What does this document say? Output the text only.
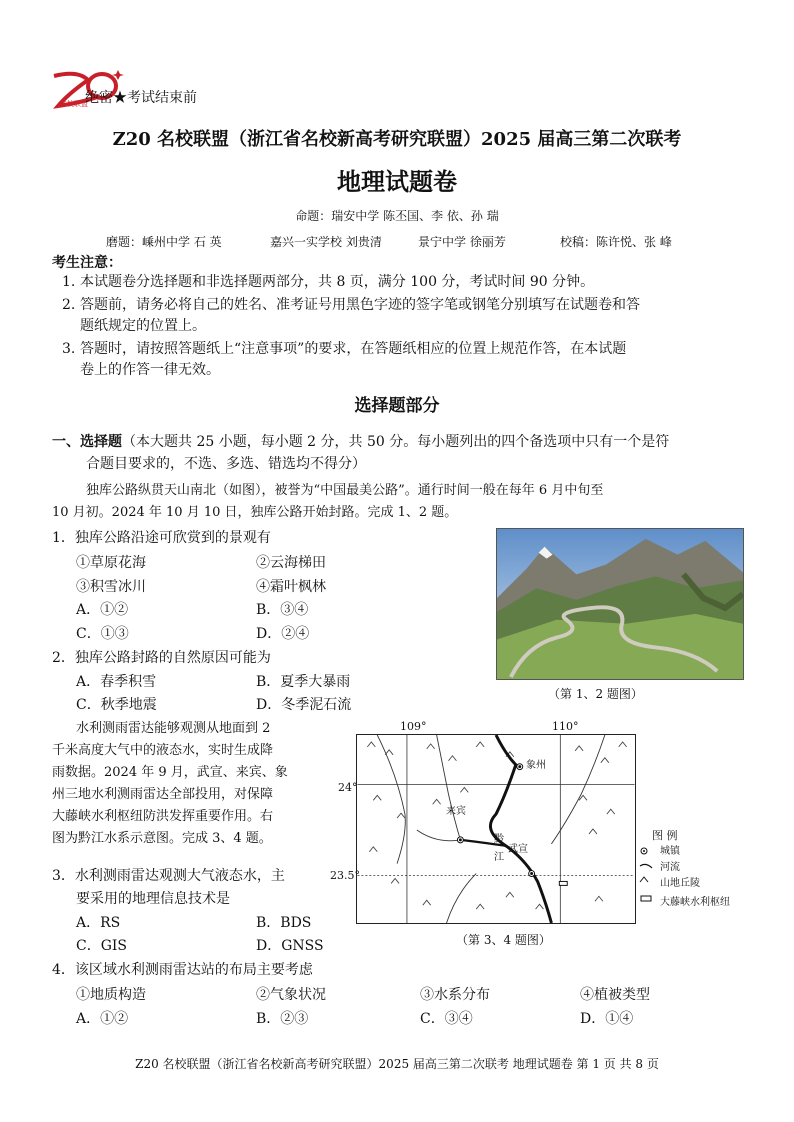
名校联盟
绝密★考试结束前
Z20 名校联盟（浙江省名校新高考研究联盟）2025 届高三第二次联考
地理试题卷
命题：瑞安中学 陈丕国、李 依、孙 瑞
磨题：嵊州中学 石 英	嘉兴一实学校 刘贵清	景宁中学 徐丽芳	校稿：陈许悦、张 峰
考生注意：
1. 本试题卷分选择题和非选择题两部分，共 8 页，满分 100 分，考试时间 90 分钟。
2. 答题前，请务必将自己的姓名、准考证号用黑色字迹的签字笔或钢笔分别填写在试题卷和答
题纸规定的位置上。
3. 答题时，请按照答题纸上“注意事项”的要求，在答题纸相应的位置上规范作答，在本试题
卷上的作答一律无效。
选择题部分
一、选择题（本大题共 25 小题，每小题 2 分，共 50 分。每小题列出的四个备选项中只有一个是符
合题目要求的，不选、多选、错选均不得分）
独库公路纵贯天山南北（如图），被誉为“中国最美公路”。通行时间一般在每年 6 月中旬至
10 月初。2024 年 10 月 10 日，独库公路开始封路。完成 1、2 题。
1．独库公路沿途可欣赏到的景观有
①草原花海	②云海梯田
③积雪冰川	④霜叶枫林
A．①②	B．③④
C．①③	D．②④
2．独库公路封路的自然原因可能为
A．春季积雪	B．夏季大暴雨
C．秋季地震	D．冬季泥石流
（第 1、2 题图）
水利测雨雷达能够观测从地面到 2
千米高度大气中的液态水，实时生成降
雨数据。2024 年 9 月，武宣、来宾、象
州三地水利测雨雷达全部投用，对保障
大藤峡水利枢纽防洪发挥重要作用。右
图为黔江水系示意图。完成 3、4 题。
109°	110°
24°
23.5°
象州
来宾
武宣
黔
江
图 例
城镇
河流
山地丘陵
大藤峡水利枢纽
（第 3、4 题图）
3．水利测雨雷达观测大气液态水，主
要采用的地理信息技术是
A．RS	B．BDS
C．GIS	D．GNSS
4．该区域水利测雨雷达站的布局主要考虑
①地质构造	②气象状况	③水系分布	④植被类型
A．①②	B．②③	C．③④	D．①④
Z20 名校联盟（浙江省名校新高考研究联盟）2025 届高三第二次联考 地理试题卷 第 1 页 共 8 页
